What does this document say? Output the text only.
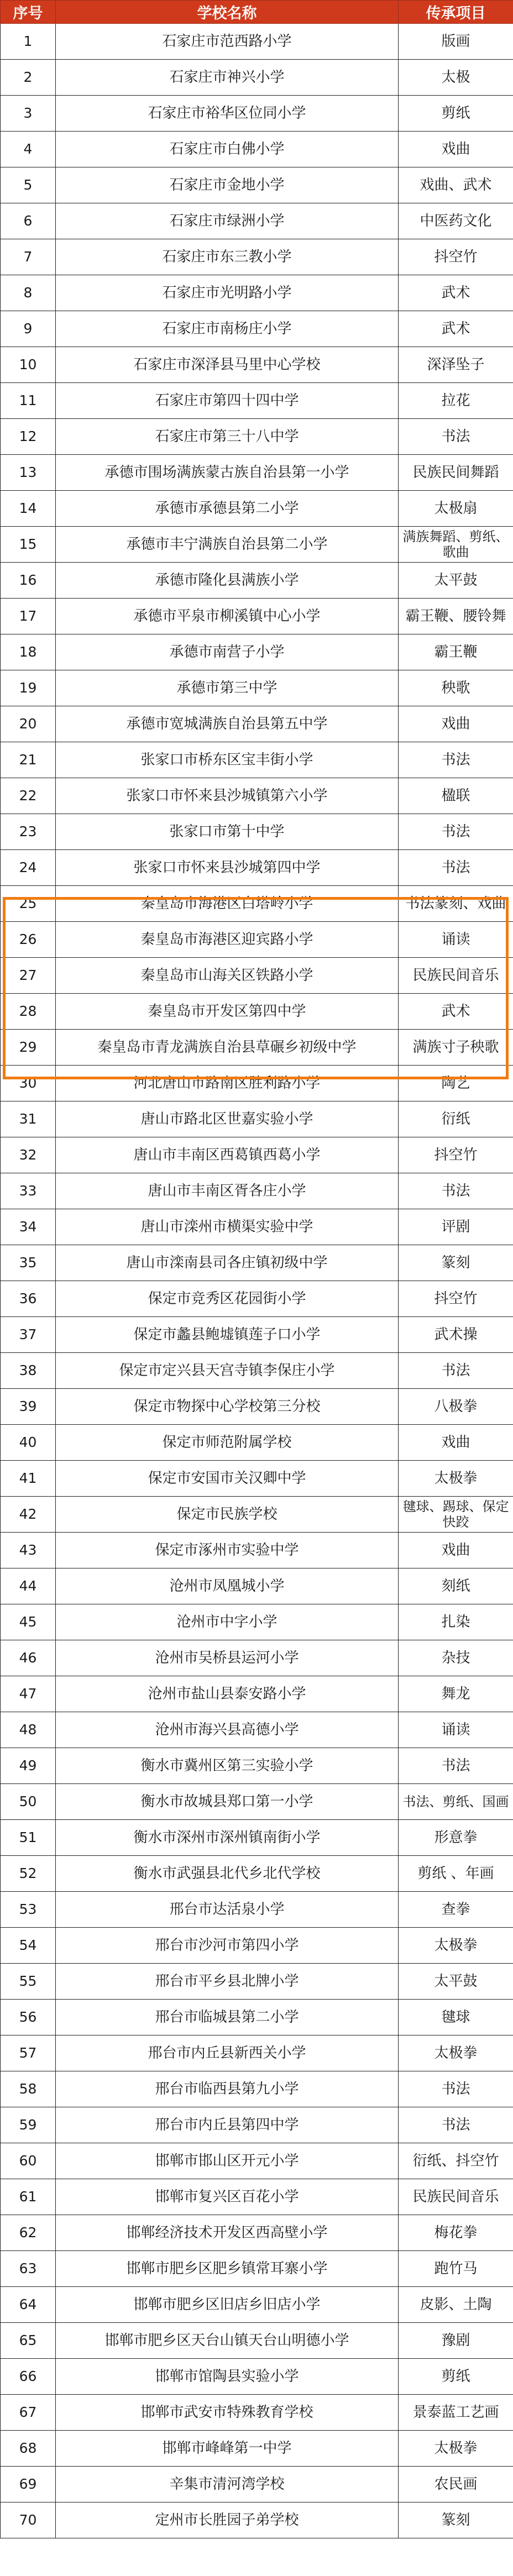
序号	学校名称	传承项目
1	石家庄市范西路小学	版画
2	石家庄市神兴小学	太极
3	石家庄市裕华区位同小学	剪纸
4	石家庄市白佛小学	戏曲
5	石家庄市金地小学	戏曲、武术
6	石家庄市绿洲小学	中医药文化
7	石家庄市东三教小学	抖空竹
8	石家庄市光明路小学	武术
9	石家庄市南杨庄小学	武术
10	石家庄市深泽县马里中心学校	深泽坠子
11	石家庄市第四十四中学	拉花
12	石家庄市第三十八中学	书法
13	承德市围场满族蒙古族自治县第一小学	民族民间舞蹈
14	承德市承德县第二小学	太极扇
15	承德市丰宁满族自治县第二小学	满族舞蹈、剪纸、歌曲
16	承德市隆化县满族小学	太平鼓
17	承德市平泉市柳溪镇中心小学	霸王鞭、腰铃舞
18	承德市南营子小学	霸王鞭
19	承德市第三中学	秧歌
20	承德市宽城满族自治县第五中学	戏曲
21	张家口市桥东区宝丰街小学	书法
22	张家口市怀来县沙城镇第六小学	楹联
23	张家口市第十中学	书法
24	张家口市怀来县沙城第四中学	书法
25	秦皇岛市海港区白塔岭小学	书法篆刻、戏曲
26	秦皇岛市海港区迎宾路小学	诵读
27	秦皇岛市山海关区铁路小学	民族民间音乐
28	秦皇岛市开发区第四中学	武术
29	秦皇岛市青龙满族自治县草碾乡初级中学	满族寸子秧歌
30	河北唐山市路南区胜利路小学	陶艺
31	唐山市路北区世嘉实验小学	衍纸
32	唐山市丰南区西葛镇西葛小学	抖空竹
33	唐山市丰南区胥各庄小学	书法
34	唐山市滦州市横渠实验中学	评剧
35	唐山市滦南县司各庄镇初级中学	篆刻
36	保定市竞秀区花园街小学	抖空竹
37	保定市蠡县鲍墟镇莲子口小学	武术操
38	保定市定兴县天宫寺镇李保庄小学	书法
39	保定市物探中心学校第三分校	八极拳
40	保定市师范附属学校	戏曲
41	保定市安国市关汉卿中学	太极拳
42	保定市民族学校	毽球、踢球、保定快跤
43	保定市涿州市实验中学	戏曲
44	沧州市凤凰城小学	刻纸
45	沧州市中字小学	扎染
46	沧州市吴桥县运河小学	杂技
47	沧州市盐山县泰安路小学	舞龙
48	沧州市海兴县高德小学	诵读
49	衡水市冀州区第三实验小学	书法
50	衡水市故城县郑口第一小学	书法、剪纸、国画
51	衡水市深州市深州镇南街小学	形意拳
52	衡水市武强县北代乡北代学校	剪纸 、年画
53	邢台市达活泉小学	查拳
54	邢台市沙河市第四小学	太极拳
55	邢台市平乡县北牌小学	太平鼓
56	邢台市临城县第二小学	毽球
57	邢台市内丘县新西关小学	太极拳
58	邢台市临西县第九小学	书法
59	邢台市内丘县第四中学	书法
60	邯郸市邯山区开元小学	衍纸、抖空竹
61	邯郸市复兴区百花小学	民族民间音乐
62	邯郸经济技术开发区西高壁小学	梅花拳
63	邯郸市肥乡区肥乡镇常耳寨小学	跑竹马
64	邯郸市肥乡区旧店乡旧店小学	皮影、土陶
65	邯郸市肥乡区天台山镇天台山明德小学	豫剧
66	邯郸市馆陶县实验小学	剪纸
67	邯郸市武安市特殊教育学校	景泰蓝工艺画
68	邯郸市峰峰第一中学	太极拳
69	辛集市清河湾学校	农民画
70	定州市长胜园子弟学校	篆刻
